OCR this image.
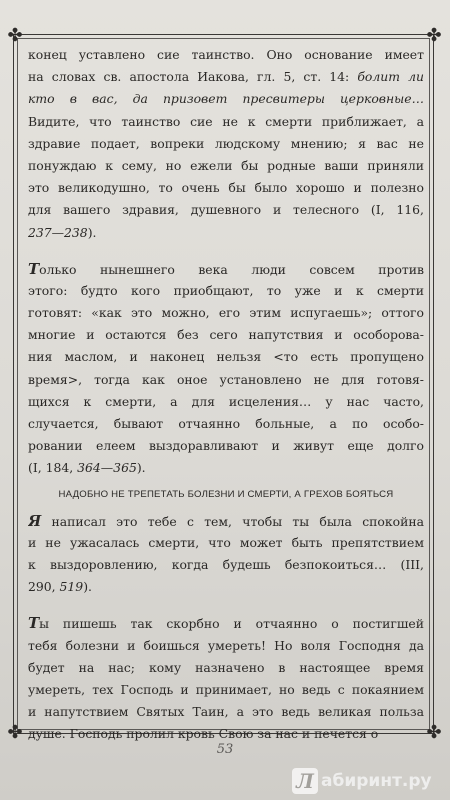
✤	✤
✤	✤
конец уставлено сие таинство. Оно основание имеет
на словах св. апостола Иакова, гл. 5, ст. 14: болит ли
кто в вас, да призовет пресвитеры церковные…
Видите, что таинство сие не к смерти приближает, а
здравие подает, вопреки людскому мнению; я вас не
понуждаю к сему, но ежели бы родные ваши приняли
это великодушно, то очень бы было хорошо и полезно
для вашего здравия, душевного и телесного (I, 116,
237—238).
Только нынешнего века люди совсем против
этого: будто кого приобщают, то уже и к смерти
готовят: «как это можно, его этим испугаешь»; оттого
многие и остаются без сего напутствия и особорова-
ния маслом, и наконец нельзя <то есть пропущено
время>, тогда как оное установлено не для готовя-
щихся к смерти, а для исцеления… у нас часто,
случается, бывают отчаянно больные, а по особо-
ровании елеем выздоравливают и живут еще долго
(I, 184, 364—365).
НАДОБНО НЕ ТРЕПЕТАТЬ БОЛЕЗНИ И СМЕРТИ, А ГРЕХОВ БОЯТЬСЯ
Я написал это тебе с тем, чтобы ты была спокойна
и не ужасалась смерти, что может быть препятствием
к выздоровлению, когда будешь безпокоиться… (III,
290, 519).
Ты пишешь так скорбно и отчаянно о постигшей
тебя болезни и боишься умереть! Но воля Господня да
будет на нас; кому назначено в настоящее время
умереть, тех Господь и принимает, но ведь с покаянием
и напутствием Святых Таин, а это ведь великая польза
душе. Господь пролил кровь Свою за нас и печется о
53
Л абиринт.ру
